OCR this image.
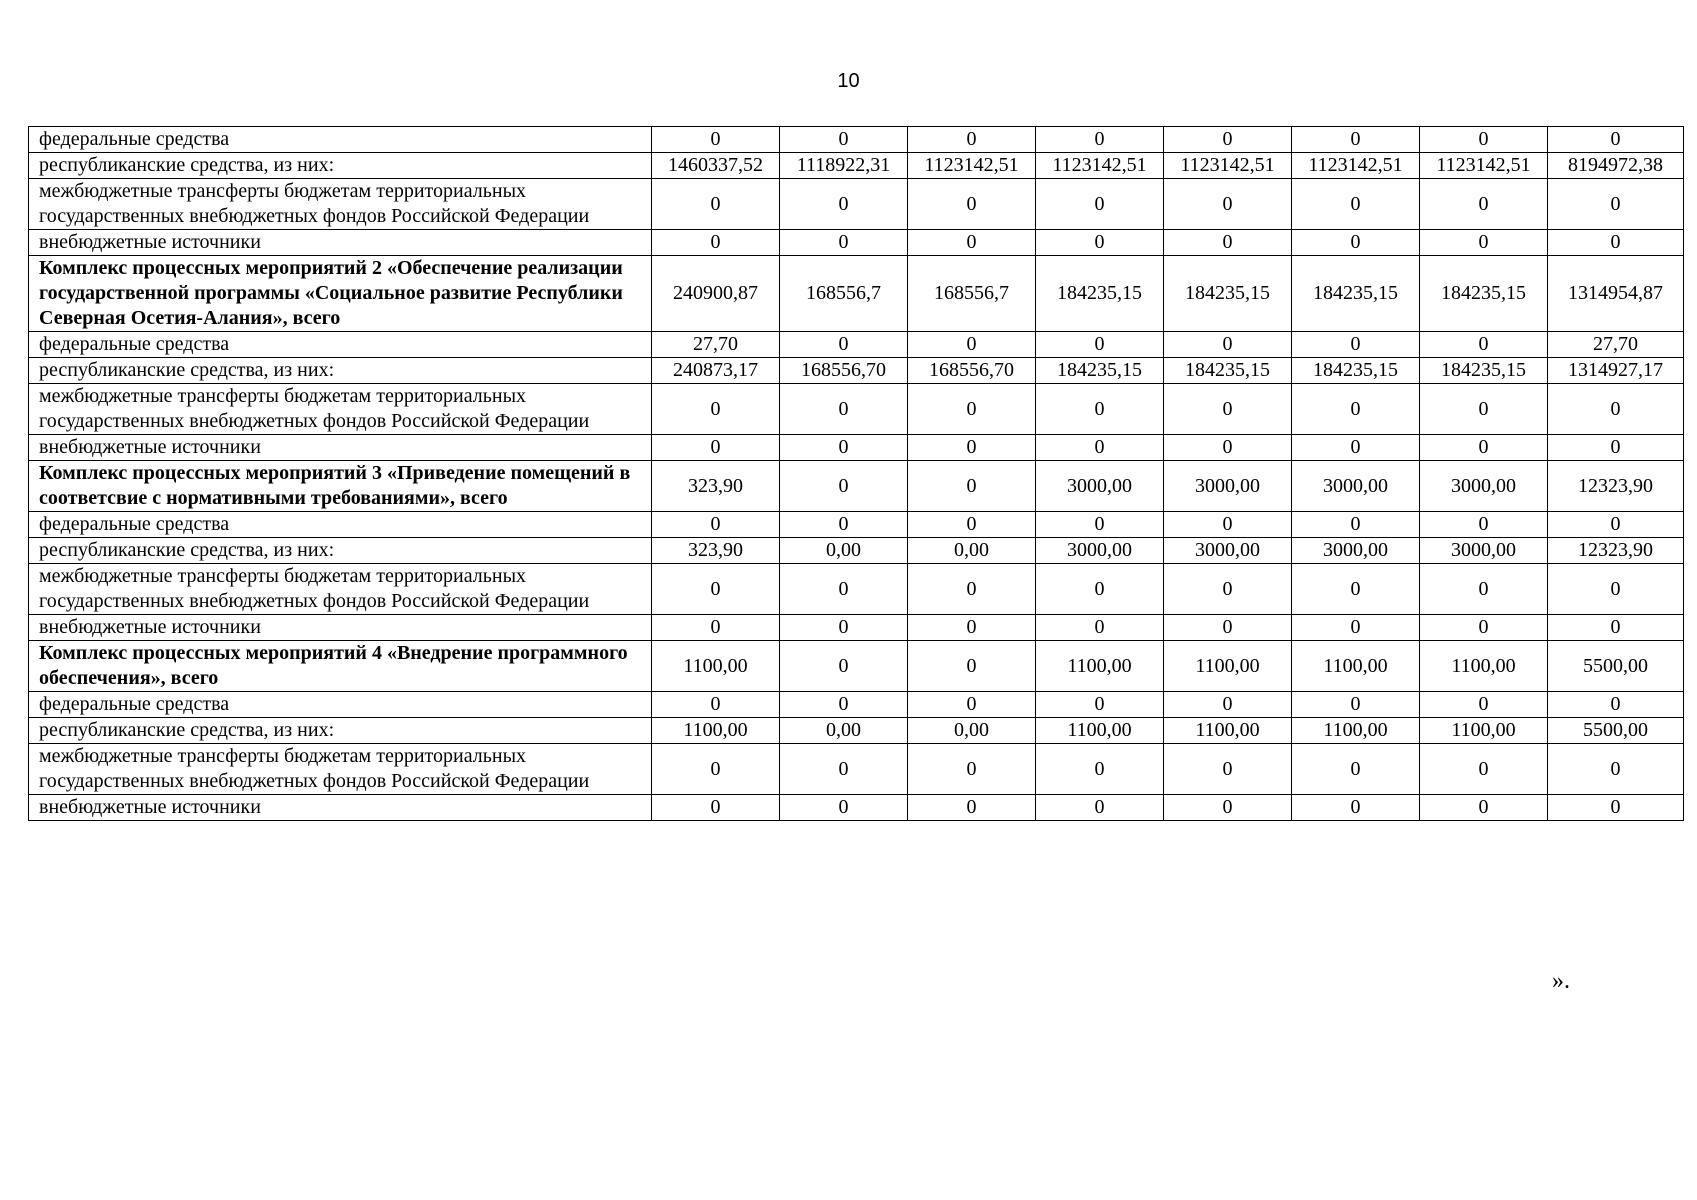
10
федеральные средства	0	0	0	0	0	0	0	0
республиканские средства, из них:	1460337,52	1118922,31	1123142,51	1123142,51	1123142,51	1123142,51	1123142,51	8194972,38
межбюджетные трансферты бюджетам территориальных государственных внебюджетных фондов Российской Федерации	0	0	0	0	0	0	0	0
внебюджетные источники	0	0	0	0	0	0	0	0
Комплекс процессных мероприятий 2 «Обеспечение реализации государственной программы «Социальное развитие Республики Северная Осетия-Алания», всего	240900,87	168556,7	168556,7	184235,15	184235,15	184235,15	184235,15	1314954,87
федеральные средства	27,70	0	0	0	0	0	0	27,70
республиканские средства, из них:	240873,17	168556,70	168556,70	184235,15	184235,15	184235,15	184235,15	1314927,17
межбюджетные трансферты бюджетам территориальных государственных внебюджетных фондов Российской Федерации	0	0	0	0	0	0	0	0
внебюджетные источники	0	0	0	0	0	0	0	0
Комплекс процессных мероприятий 3 «Приведение помещений в соответсвие с нормативными требованиями», всего	323,90	0	0	3000,00	3000,00	3000,00	3000,00	12323,90
федеральные средства	0	0	0	0	0	0	0	0
республиканские средства, из них:	323,90	0,00	0,00	3000,00	3000,00	3000,00	3000,00	12323,90
межбюджетные трансферты бюджетам территориальных государственных внебюджетных фондов Российской Федерации	0	0	0	0	0	0	0	0
внебюджетные источники	0	0	0	0	0	0	0	0
Комплекс процессных мероприятий 4 «Внедрение программного обеспечения», всего	1100,00	0	0	1100,00	1100,00	1100,00	1100,00	5500,00
федеральные средства	0	0	0	0	0	0	0	0
республиканские средства, из них:	1100,00	0,00	0,00	1100,00	1100,00	1100,00	1100,00	5500,00
межбюджетные трансферты бюджетам территориальных государственных внебюджетных фондов Российской Федерации	0	0	0	0	0	0	0	0
внебюджетные источники	0	0	0	0	0	0	0	0
».
